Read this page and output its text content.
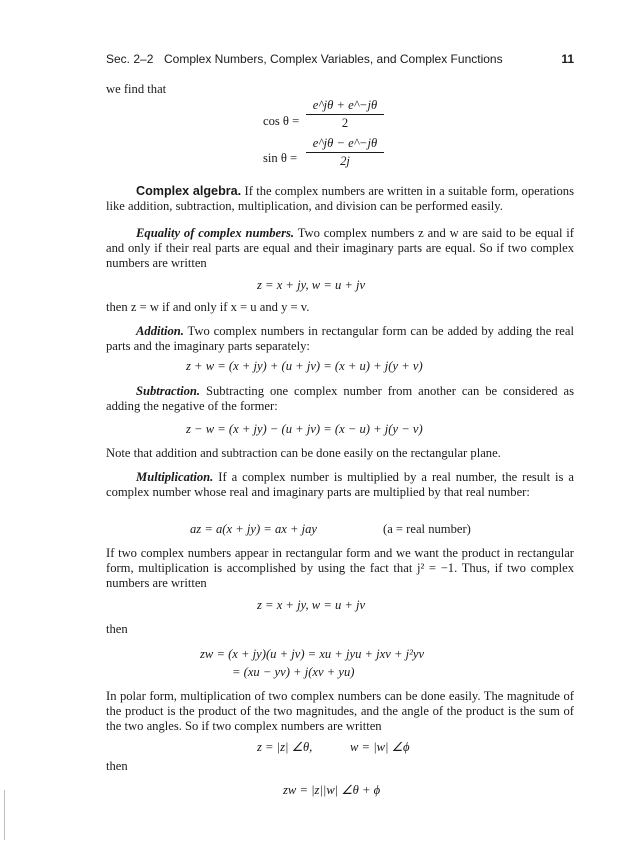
Sec. 2–2 Complex Numbers, Complex Variables, and Complex Functions	11
we find that
$\cos \theta = \frac{e\^{}j\theta + e\^{}-j\theta}{2}$
$\sin \theta = \frac{e\^{}j\theta - e\^{}-j\theta}{2j}$
Complex algebra. If the complex numbers are written in a suitable form, operations like addition, subtraction, multiplication, and division can be performed easily.
Equality of complex numbers. Two complex numbers z and w are said to be equal if and only if their real parts are equal and their imaginary parts are equal. So if two complex numbers are written
z = x + jy, w = u + jv
then z = w if and only if x = u and y = v.
Addition. Two complex numbers in rectangular form can be added by adding the real parts and the imaginary parts separately:
z + w = (x + jy) + (u + jv) = (x + u) + j(y + v)
Subtraction. Subtracting one complex number from another can be considered as adding the negative of the former:
z − w = (x + jy) − (u + jv) = (x − u) + j(y − v)
Note that addition and subtraction can be done easily on the rectangular plane.
Multiplication. If a complex number is multiplied by a real number, the result is a complex number whose real and imaginary parts are multiplied by that real number:
az = a(x + jy) = ax + jay	(a = real number)
If two complex numbers appear in rectangular form and we want the product in rectangular form, multiplication is accomplished by using the fact that j² = −1. Thus, if two complex numbers are written
z = x + jy, w = u + jv
then
zw = (x + jy)(u + jv) = xu + jyu + jxv + j²yv
= (xu − yv) + j(xv + yu)
In polar form, multiplication of two complex numbers can be done easily. The magnitude of the product is the product of the two magnitudes, and the angle of the product is the sum of the two angles. So if two complex numbers are written
z = |z| ∠θ,	w = |w| ∠ϕ
then
zw = |z||w| ∠θ + ϕ
